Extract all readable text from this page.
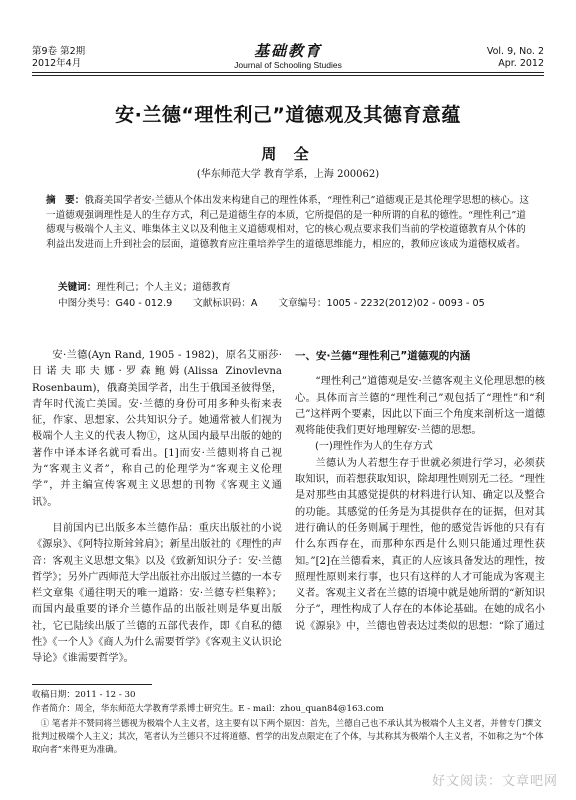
第9卷 第2期
2012年4月
基础教育
Journal of Schooling Studies
Vol. 9, No. 2
Apr. 2012
安·兰德“理性利己”道德观及其德育意蕴
周 全
(华东师范大学 教育学系，上海 200062)
摘　要：俄裔美国学者安·兰德从个体出发来构建自己的理性体系，“理性利己”道德观正是其伦理学思想的核心。这一道德观强调理性是人的生存方式，利己是道德生存的本质，它所提倡的是一种所谓的自私的德性。“理性利己”道德观与极端个人主义、唯集体主义以及利他主义道德观相对，它的核心观点要求我们当前的学校道德教育从个体的利益出发进而上升到社会的层面，道德教育应注重培养学生的道德思维能力，相应的，教师应该成为道德权威者。
关键词：理性利己；个人主义；道德教育
中图分类号：G40 - 012.9 文献标识码：A 文章编号：1005 - 2232(2012)02 - 0093 - 05

安·兰德(Ayn Rand, 1905 - 1982)，原名艾丽莎·日诺夫耶夫娜·罗森鲍姆(Alissa Zinovlevna Rosenbaum)，俄裔美国学者，出生于俄国圣彼得堡，青年时代流亡美国。安·兰德的身份可用多种头衔来表征，作家、思想家、公共知识分子。她通常被人们视为极端个人主义的代表人物①，这从国内最早出版的她的著作中译本译名就可看出。[1]而安·兰德则将自己视为“客观主义者”，称自己的伦理学为“客观主义伦理学”，并主编宣传客观主义思想的刊物《客观主义通讯》。

目前国内已出版多本兰德作品：重庆出版社的小说《源泉》、《阿特拉斯耸耸肩》；新星出版社的《理性的声音：客观主义思想文集》以及《致新知识分子：安·兰德哲学》；另外广西师范大学出版社亦出版过兰德的一本专栏文章集《通往明天的唯一道路：安·兰德专栏集粹》；而国内最重要的译介兰德作品的出版社则是华夏出版社，它已陆续出版了兰德的五部代表作，即《自私的德性》《一个人》《商人为什么需要哲学》《客观主义认识论导论》《谁需要哲学》。

一、安·兰德“理性利己”道德观的内涵

“理性利己”道德观是安·兰德客观主义伦理思想的核心。具体而言兰德的“理性利己”观包括了“理性”和“利己”这样两个要素，因此以下面三个角度来剖析这一道德观将能使我们更好地理解安·兰德的思想。

(一)理性作为人的生存方式

兰德认为人若想生存于世就必须进行学习，必须获取知识，而若想获取知识，除却理性则别无二径。“理性是对那些由其感觉提供的材料进行认知、确定以及整合的功能。其感觉的任务是为其提供存在的证据，但对其进行确认的任务则属于理性，他的感觉告诉他的只有有什么东西存在，而那种东西是什么则只能通过理性获知。”[2]在兰德看来，真正的人应该具备发达的理性，按照理性原则来行事，也只有这样的人才可能成为客观主义者。客观主义者在兰德的语境中就是她所谓的“新知识分子”，理性构成了人存在的本体论基础。在她的成名小说《源泉》中，兰德也曾表达过类似的思想：“除了通过

收稿日期：2011 - 12 - 30
作者简介：周全，华东师范大学教育学系博士研究生。E - mail：zhou_quan84@163.com
① 笔者并不赞同将兰德视为极端个人主义者，这主要有以下两个原因：首先，兰德自己也不承认其为极端个人主义者，并曾专门撰文批判过极端个人主义；其次，笔者认为兰德只不过将道德、哲学的出发点限定在了个体，与其称其为极端个人主义者，不如称之为“个体取向者”来得更为准确。
好文阅读：文章吧网
